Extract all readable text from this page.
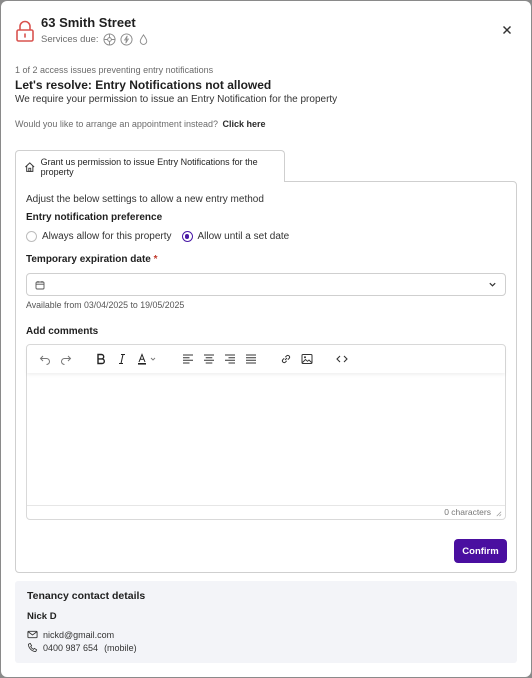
63 Smith Street
Services due:
1 of 2 access issues preventing entry notifications
Let's resolve: Entry Notifications not allowed
We require your permission to issue an Entry Notification for the property
Would you like to arrange an appointment instead? Click here
Grant us permission to issue Entry Notifications for the property
Adjust the below settings to allow a new entry method
Entry notification preference
Always allow for this property	Allow until a set date
Temporary expiration date *
Available from 03/04/2025 to 19/05/2025
Add comments
0 characters
Confirm
Tenancy contact details
Nick D
nickd@gmail.com
0400 987 654 (mobile)
